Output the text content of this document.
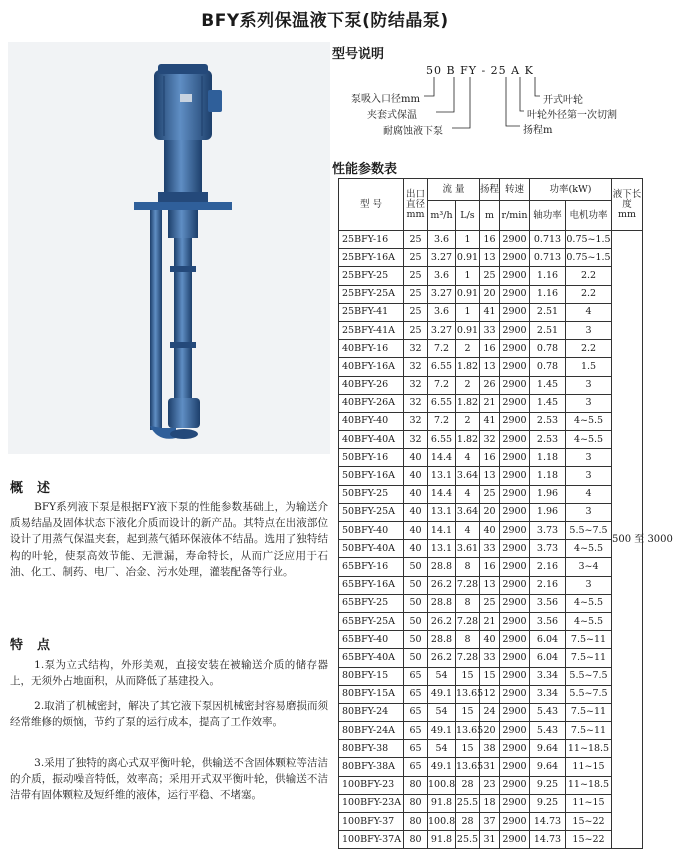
BFY系列保温液下泵(防结晶泵)
概述
BFY系列液下泵是根据FY液下泵的性能参数基础上，为输送介质易结晶及固体状态下液化介质而设计的新产品。其特点在出液部位设计了用蒸气保温夹套，起到蒸气循环保液体不结晶。选用了独特结构的叶轮，使泵高效节能、无泄漏，寿命特长，从而广泛应用于石油、化工、制药、电厂、冶金、污水处理，灌装配备等行业。
特点
1.泵为立式结构，外形美观，直接安装在被输送介质的储存器上，无须外占地面积，从而降低了基建投入。
2.取消了机械密封，解决了其它液下泵因机械密封容易磨损而须经常维修的烦恼，节约了泵的运行成本，提高了工作效率。
3.采用了独特的离心式双平衡叶轮，供输送不含固体颗粒等洁洁的介质，振动噪音特低，效率高；采用开式双平衡叶轮，供输送不洁洁带有固体颗粒及短纤维的液体，运行平稳、不堵塞。
型号说明
50 B FY - 25 A K
泵吸入口径mm
夹套式保温
耐腐蚀液下泵
开式叶轮
叶轮外径第一次切割
扬程m
性能参数表
型 号	出口直径
mm	流 量		扬程	转速	功率(kW)		液下长度
mm
		m³/h	L/s	m	r/min	轴功率	电机功率	
25BFY-16	25	3.6	1	16	2900	0.713	0.75~1.5	500 至 3000
25BFY-16A	25	3.27	0.91	13	2900	0.713	0.75~1.5	
25BFY-25	25	3.6	1	25	2900	1.16	2.2	
25BFY-25A	25	3.27	0.91	20	2900	1.16	2.2	
25BFY-41	25	3.6	1	41	2900	2.51	4	
25BFY-41A	25	3.27	0.91	33	2900	2.51	3	
40BFY-16	32	7.2	2	16	2900	0.78	2.2	
40BFY-16A	32	6.55	1.82	13	2900	0.78	1.5	
40BFY-26	32	7.2	2	26	2900	1.45	3	
40BFY-26A	32	6.55	1.82	21	2900	1.45	3	
40BFY-40	32	7.2	2	41	2900	2.53	4~5.5	
40BFY-40A	32	6.55	1.82	32	2900	2.53	4~5.5	
50BFY-16	40	14.4	4	16	2900	1.18	3	
50BFY-16A	40	13.1	3.64	13	2900	1.18	3	
50BFY-25	40	14.4	4	25	2900	1.96	4	
50BFY-25A	40	13.1	3.64	20	2900	1.96	3	
50BFY-40	40	14.1	4	40	2900	3.73	5.5~7.5	
50BFY-40A	40	13.1	3.61	33	2900	3.73	4~5.5	
65BFY-16	50	28.8	8	16	2900	2.16	3~4	
65BFY-16A	50	26.2	7.28	13	2900	2.16	3	
65BFY-25	50	28.8	8	25	2900	3.56	4~5.5	
65BFY-25A	50	26.2	7.28	21	2900	3.56	4~5.5	
65BFY-40	50	28.8	8	40	2900	6.04	7.5~11	
65BFY-40A	50	26.2	7.28	33	2900	6.04	7.5~11	
80BFY-15	65	54	15	15	2900	3.34	5.5~7.5	
80BFY-15A	65	49.1	13.65	12	2900	3.34	5.5~7.5	
80BFY-24	65	54	15	24	2900	5.43	7.5~11	
80BFY-24A	65	49.1	13.65	20	2900	5.43	7.5~11	
80BFY-38	65	54	15	38	2900	9.64	11~18.5	
80BFY-38A	65	49.1	13.65	31	2900	9.64	11~15	
100BFY-23	80	100.8	28	23	2900	9.25	11~18.5	
100BFY-23A	80	91.8	25.5	18	2900	9.25	11~15	
100BFY-37	80	100.8	28	37	2900	14.73	15~22	
100BFY-37A	80	91.8	25.5	31	2900	14.73	15~22	
